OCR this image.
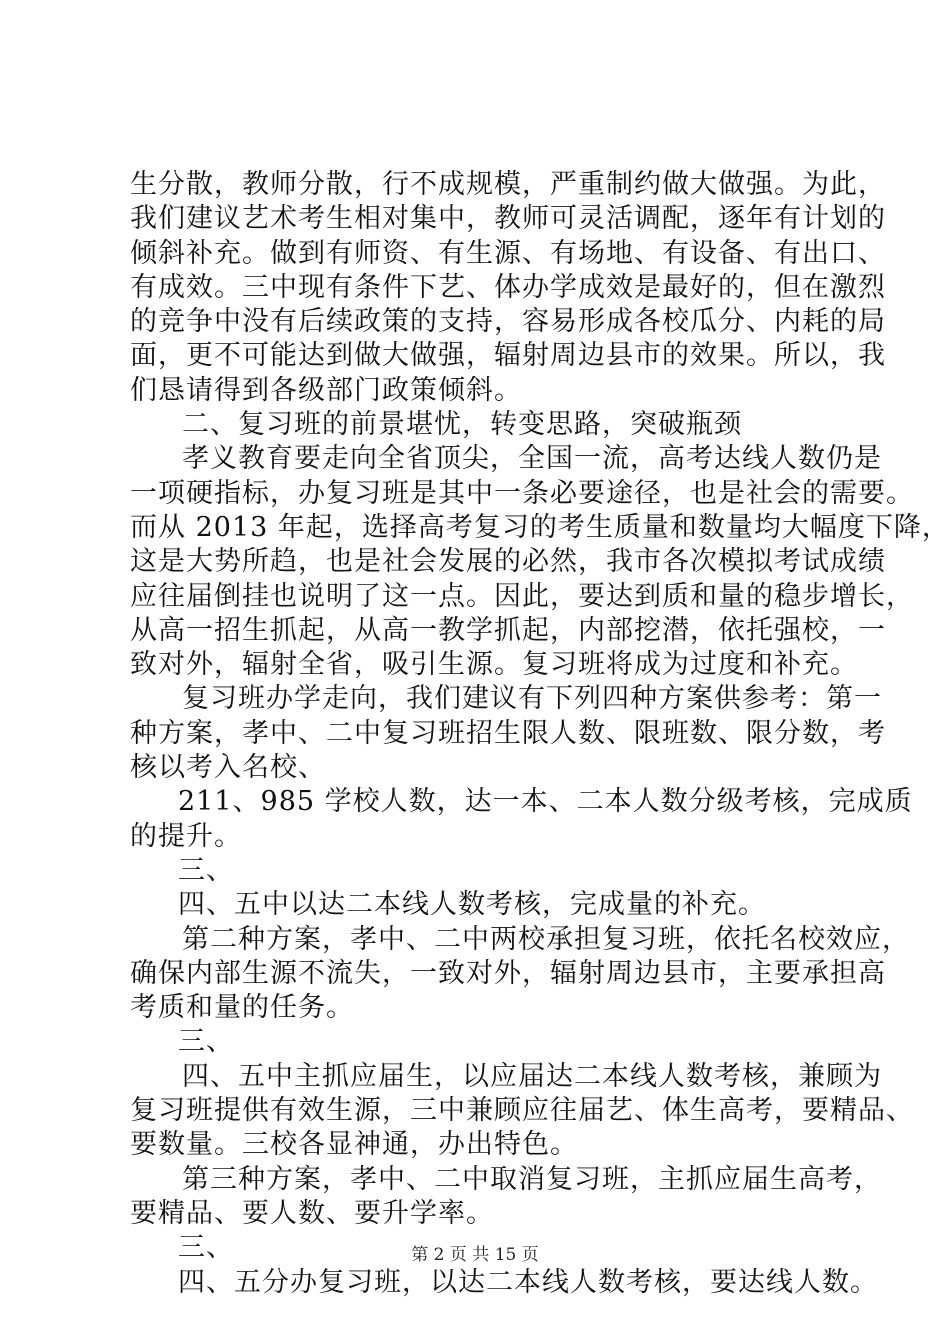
生分散，教师分散，行不成规模，严重制约做大做强。为此，
我们建议艺术考生相对集中，教师可灵活调配，逐年有计划的
倾斜补充。做到有师资、有生源、有场地、有设备、有出口、
有成效。三中现有条件下艺、体办学成效是最好的，但在激烈
的竞争中没有后续政策的支持，容易形成各校瓜分、内耗的局
面，更不可能达到做大做强，辐射周边县市的效果。所以，我
们恳请得到各级部门政策倾斜。
二、复习班的前景堪忧，转变思路，突破瓶颈
孝义教育要走向全省顶尖，全国一流，高考达线人数仍是
一项硬指标，办复习班是其中一条必要途径，也是社会的需要。
而从 2013 年起，选择高考复习的考生质量和数量均大幅度下降，
这是大势所趋，也是社会发展的必然，我市各次模拟考试成绩
应往届倒挂也说明了这一点。因此，要达到质和量的稳步增长，
从高一招生抓起，从高一教学抓起，内部挖潜，依托强校，一
致对外，辐射全省，吸引生源。复习班将成为过度和补充。
复习班办学走向，我们建议有下列四种方案供参考：第一
种方案，孝中、二中复习班招生限人数、限班数、限分数，考
核以考入名校、
211、985 学校人数，达一本、二本人数分级考核，完成质
的提升。
三、
四、五中以达二本线人数考核，完成量的补充。
第二种方案，孝中、二中两校承担复习班，依托名校效应，
确保内部生源不流失，一致对外，辐射周边县市，主要承担高
考质和量的任务。
三、
四、五中主抓应届生，以应届达二本线人数考核，兼顾为
复习班提供有效生源，三中兼顾应往届艺、体生高考，要精品、
要数量。三校各显神通，办出特色。
第三种方案，孝中、二中取消复习班，主抓应届生高考，
要精品、要人数、要升学率。
三、
四、五分办复习班，以达二本线人数考核，要达线人数。
第 2 页 共 15 页
